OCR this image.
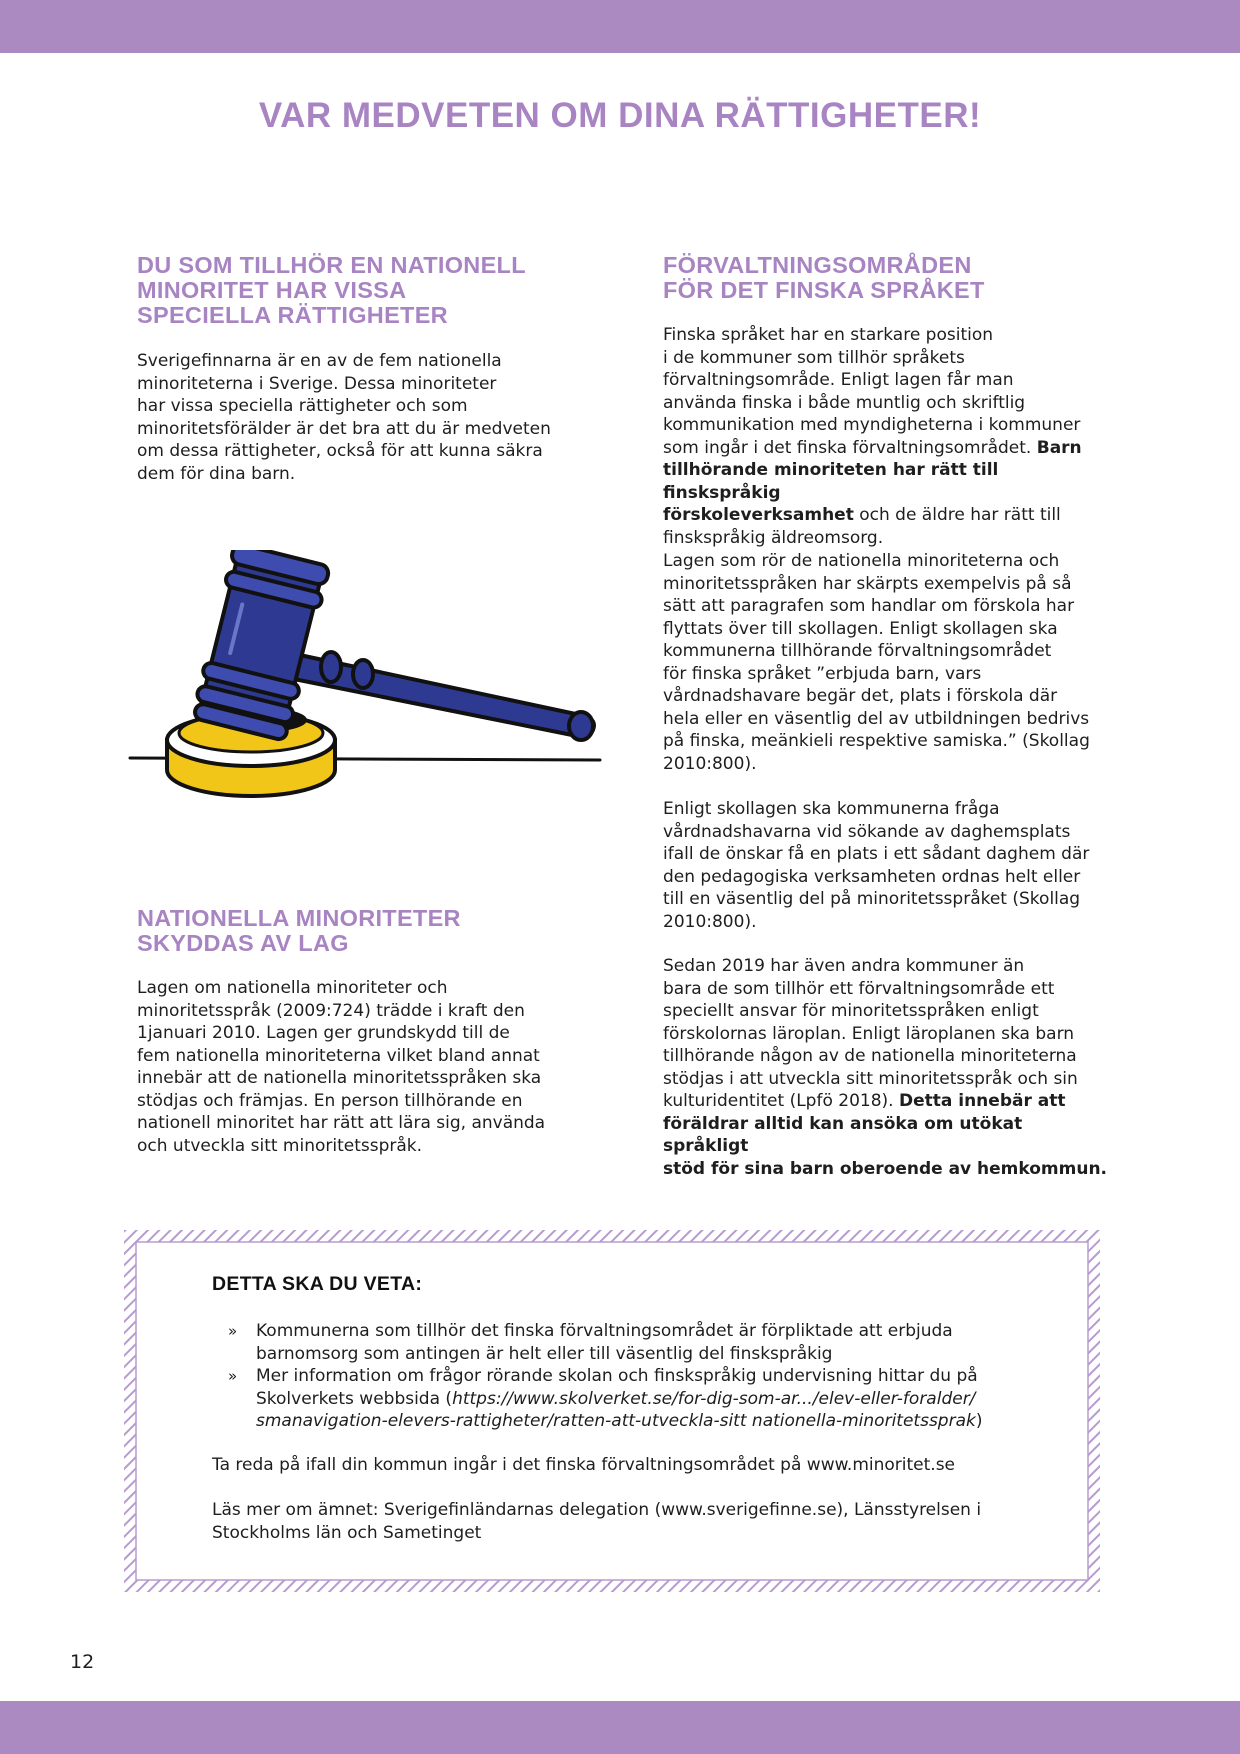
VAR MEDVETEN OM DINA RÄTTIGHETER!
DU SOM TILLHÖR EN NATIONELL
MINORITET HAR VISSA
SPECIELLA RÄTTIGHETER

Sverigefinnarna är en av de fem nationella
minoriteterna i Sverige. Dessa minoriteter
har vissa speciella rättigheter och som
minoritetsförälder är det bra att du är medveten
om dessa rättigheter, också för att kunna säkra
dem för dina barn.

NATIONELLA MINORITETER
SKYDDAS AV LAG

Lagen om nationella minoriteter och
minoritetsspråk (2009:724) trädde i kraft den
1januari 2010. Lagen ger grundskydd till de
fem nationella minoriteterna vilket bland annat
innebär att de nationella minoritetsspråken ska
stödjas och främjas. En person tillhörande en
nationell minoritet har rätt att lära sig, använda
och utveckla sitt minoritetsspråk.

FÖRVALTNINGSOMRÅDEN
FÖR DET FINSKA SPRÅKET

Finska språket har en starkare position
i de kommuner som tillhör språkets
förvaltningsområde. Enligt lagen får man
använda finska i både muntlig och skriftlig
kommunikation med myndigheterna i kommuner
som ingår i det finska förvaltningsområdet. Barn
tillhörande minoriteten har rätt till finskspråkig
förskoleverksamhet och de äldre har rätt till
finskspråkig äldreomsorg.

Lagen som rör de nationella minoriteterna och
minoritetsspråken har skärpts exempelvis på så
sätt att paragrafen som handlar om förskola har
flyttats över till skollagen. Enligt skollagen ska
kommunerna tillhörande förvaltningsområdet
för finska språket ”erbjuda barn, vars
vårdnadshavare begär det, plats i förskola där
hela eller en väsentlig del av utbildningen bedrivs
på finska, meänkieli respektive samiska.” (Skollag
2010:800).

Enligt skollagen ska kommunerna fråga
vårdnadshavarna vid sökande av daghemsplats
ifall de önskar få en plats i ett sådant daghem där
den pedagogiska verksamheten ordnas helt eller
till en väsentlig del på minoritetsspråket (Skollag
2010:800).

Sedan 2019 har även andra kommuner än
bara de som tillhör ett förvaltningsområde ett
speciellt ansvar för minoritetsspråken enligt
förskolornas läroplan. Enligt läroplanen ska barn
tillhörande någon av de nationella minoriteterna
stödjas i att utveckla sitt minoritetsspråk och sin
kulturidentitet (Lpfö 2018). Detta innebär att
föräldrar alltid kan ansöka om utökat språkligt
stöd för sina barn oberoende av hemkommun.

DETTA SKA DU VETA:
» Kommunerna som tillhör det finska förvaltningsområdet är förpliktade att erbjuda barnomsorg som antingen är helt eller till väsentlig del finskspråkig
» Mer information om frågor rörande skolan och finskspråkig undervisning hittar du på Skolverkets webbsida (https://www.skolverket.se/for-dig-som-ar.../elev-eller-foralder/ smanavigation-elevers-rattigheter/ratten-att-utveckla-sitt nationella-minoritetssprak)

Ta reda på ifall din kommun ingår i det finska förvaltningsområdet på www.minoritet.se

Läs mer om ämnet: Sverigefinländarnas delegation (www.sverigefinne.se), Länsstyrelsen i Stockholms län och Sametinget

12
